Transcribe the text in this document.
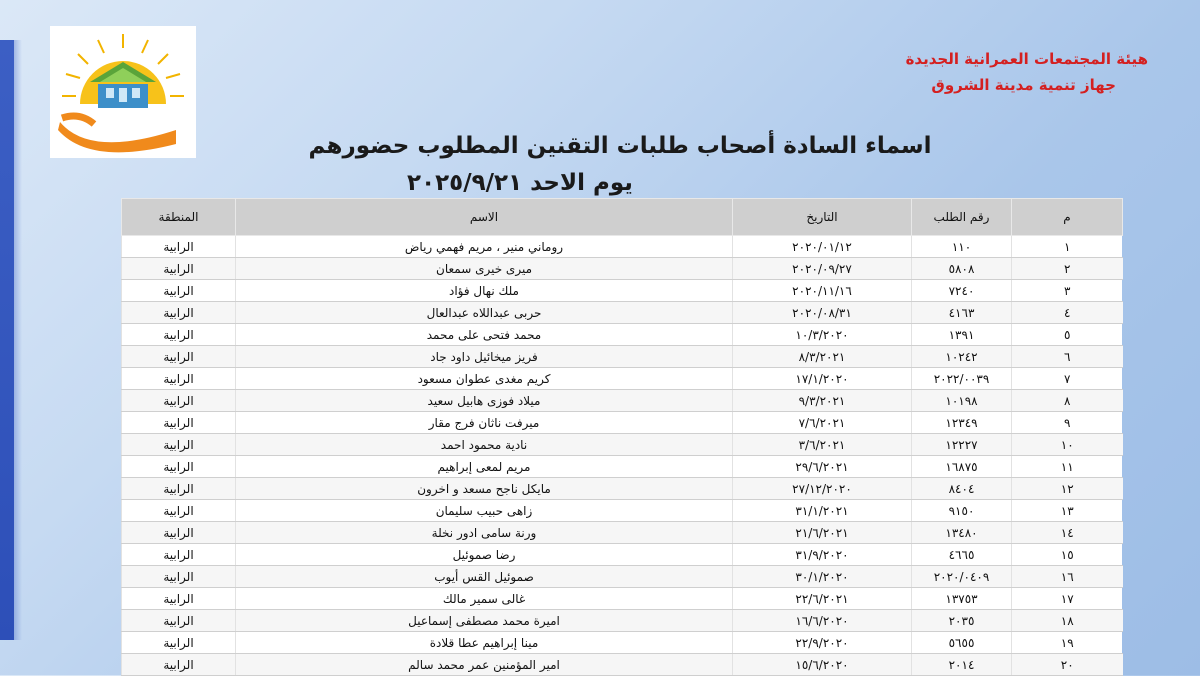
هيئة المجتمعات العمرانية الجديدة
جهاز تنمية مدينة الشروق
اسماء السادة أصحاب طلبات التقنين المطلوب حضورهم
يوم الاحد ٢٠٢٥/٩/٢١
م	رقم الطلب	التاريخ	الاسم	المنطقة
١	١١٠	٢٠٢٠/٠١/١٢	روماني منير ، مريم فهمي رياض	الرابية
٢	٥٨٠٨	٢٠٢٠/٠٩/٢٧	ميرى خيرى سمعان	الرابية
٣	٧٢٤٠	٢٠٢٠/١١/١٦	ملك نهال فؤاد	الرابية
٤	٤١٦٣	٢٠٢٠/٠٨/٣١	حربى عبداللاه عبدالعال	الرابية
٥	١٣٩١	١٠/٣/٢٠٢٠	محمد فتحى على محمد	الرابية
٦	١٠٢٤٢	٨/٣/٢٠٢١	فريز ميخائيل داود جاد	الرابية
٧	٢٠٢٢/٠٠٣٩	١٧/١/٢٠٢٠	كريم مغدى عطوان مسعود	الرابية
٨	١٠١٩٨	٩/٣/٢٠٢١	ميلاد فوزى هابيل سعيد	الرابية
٩	١٢٣٤٩	٧/٦/٢٠٢١	ميرفت ناثان فرج مقار	الرابية
١٠	١٢٢٢٧	٣/٦/٢٠٢١	نادية محمود احمد	الرابية
١١	١٦٨٧٥	٢٩/٦/٢٠٢١	مريم لمعى إبراهيم	الرابية
١٢	٨٤٠٤	٢٧/١٢/٢٠٢٠	مايكل ناجح مسعد و اخرون	الرابية
١٣	٩١٥٠	٣١/١/٢٠٢١	زاهى حبيب سليمان	الرابية
١٤	١٣٤٨٠	٢١/٦/٢٠٢١	ورنة سامى ادور نخلة	الرابية
١٥	٤٦٦٥	٣١/٩/٢٠٢٠	رضا صموئيل	الرابية
١٦	٢٠٢٠/٠٤٠٩	٣٠/١/٢٠٢٠	صموئيل القس أيوب	الرابية
١٧	١٣٧٥٣	٢٢/٦/٢٠٢١	غالى سمير مالك	الرابية
١٨	٢٠٣٥	١٦/٦/٢٠٢٠	اميرة محمد مصطفى إسماعيل	الرابية
١٩	٥٦٥٥	٢٢/٩/٢٠٢٠	مينا إبراهيم عطا قلادة	الرابية
٢٠	٢٠١٤	١٥/٦/٢٠٢٠	امير المؤمنين عمر محمد سالم	الرابية
